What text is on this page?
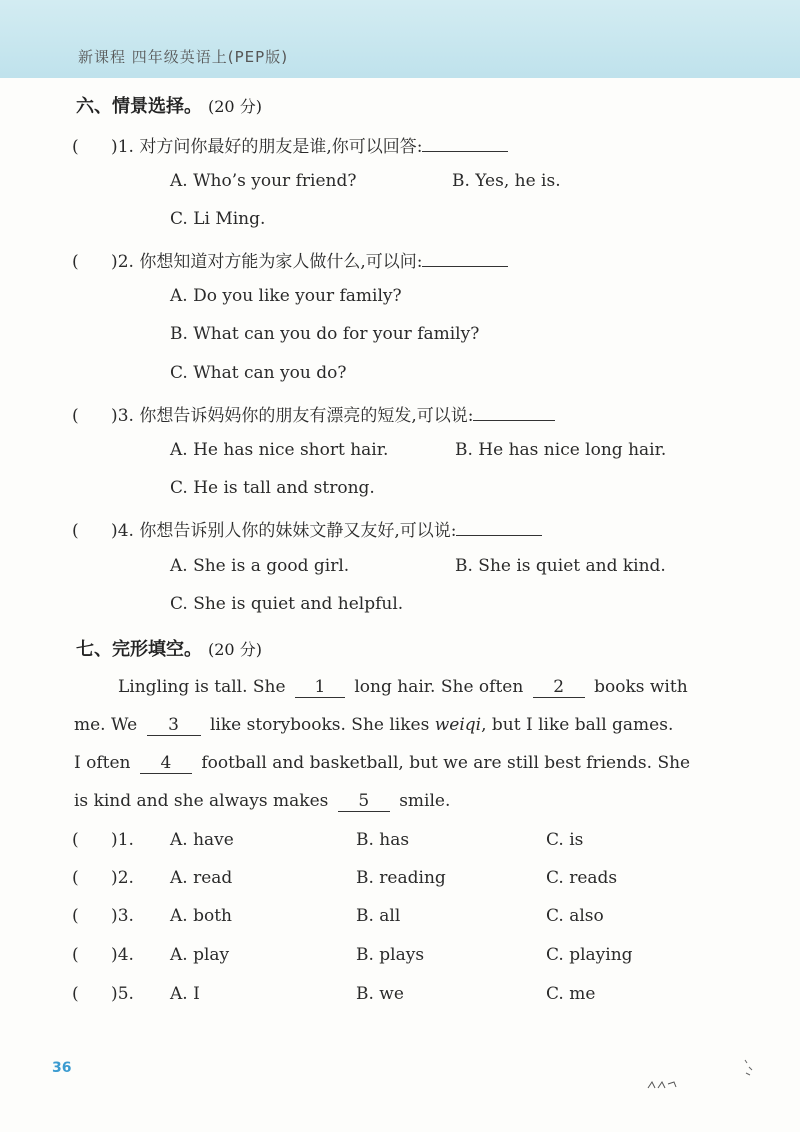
新课程 四年级英语上(PEP版)
六、情景选择。 (20 分)
(      )1. 对方问你最好的朋友是谁,你可以回答:
A. Who’s your friend?	B. Yes, he is.
C. Li Ming.
(      )2. 你想知道对方能为家人做什么,可以问:
A. Do you like your family?
B. What can you do for your family?
C. What can you do?
(      )3. 你想告诉妈妈你的朋友有漂亮的短发,可以说:
A. He has nice short hair.	B. He has nice long hair.
C. He is tall and strong.
(      )4. 你想告诉别人你的妹妹文静又友好,可以说:
A. She is a good girl.	B. She is quiet and kind.
C. She is quiet and helpful.
七、完形填空。 (20 分)
Lingling is tall. She 1 long hair. She often 2 books with
me. We 3 like storybooks. She likes weiqi, but I like ball games.
I often 4 football and basketball, but we are still best friends. She
is kind and she always makes 5 smile.
(      )1. A. have	B. has	C. is
(      )2. A. read	B. reading	C. reads
(      )3. A. both	B. all	C. also
(      )4. A. play	B. plays	C. playing
(      )5. A. I	B. we	C. me
36
